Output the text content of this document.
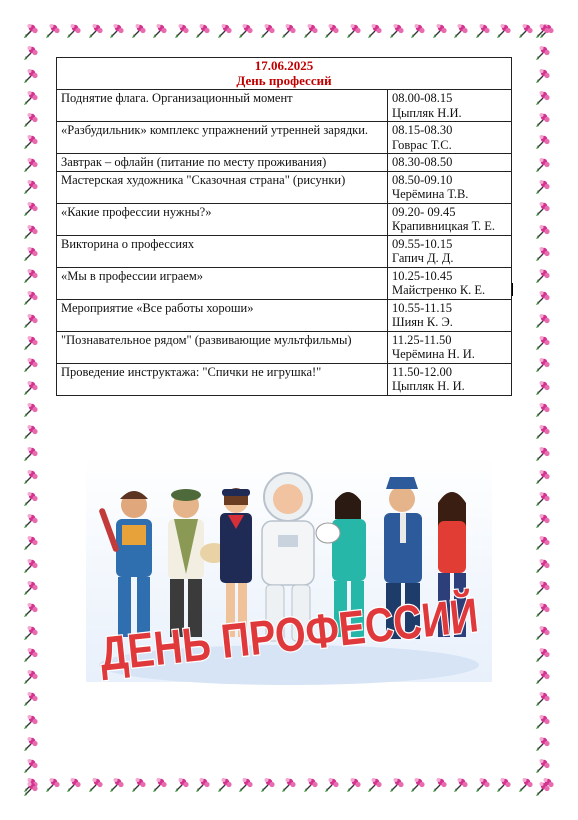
17.06.2025
День профессий	

Поднятие флага. Организационный момент	08.00-08.15
Цыпляк Н.И.

«Разбудильник» комплекс упражнений утренней зарядки.	08.15-08.30
Говрас Т.С.

Завтрак – офлайн (питание по месту проживания)	08.30-08.50

Мастерская художника "Сказочная страна" (рисунки)	08.50-09.10
Черёмина Т.В.

«Какие профессии нужны?»	09.20- 09.45
Крапивницкая Т. Е.

Викторина о профессиях	09.55-10.15
Гапич Д. Д.

«Мы в профессии играем»	10.25-10.45
Майстренко К. Е.

Мероприятие «Все работы хороши»	10.55-11.15
Шиян К. Э.

"Познавательное рядом" (развивающие мультфильмы)	11.25-11.50
Черёмина Н. И.

Проведение инструктажа: "Спички не игрушка!"	11.50-12.00
Цыпляк Н. И.
ДЕНЬ ПРОФЕССИЙ
